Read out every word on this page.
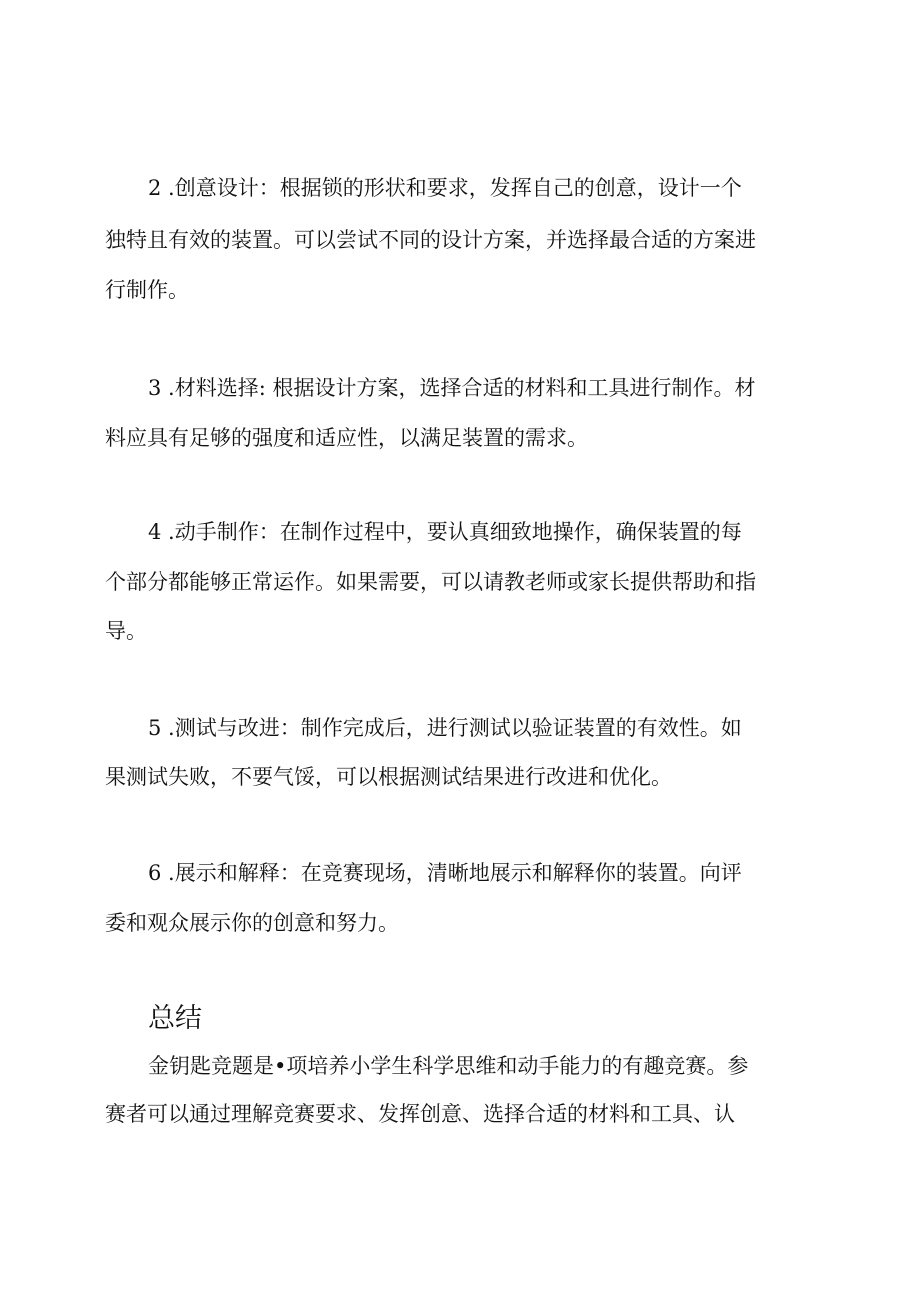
2 .创意设计：根据锁的形状和要求，发挥自己的创意，设计一个
独特且有效的装置。可以尝试不同的设计方案，并选择最合适的方案进
行制作。
3 .材料选择: 根据设计方案，选择合适的材料和工具进行制作。材
料应具有足够的强度和适应性，以满足装置的需求。
4 .动手制作：在制作过程中，要认真细致地操作，确保装置的每
个部分都能够正常运作。如果需要，可以请教老师或家长提供帮助和指
导。
5 .测试与改进：制作完成后，进行测试以验证装置的有效性。如
果测试失败，不要气馁，可以根据测试结果进行改进和优化。
6 .展示和解释：在竞赛现场，清晰地展示和解释你的装置。向评
委和观众展示你的创意和努力。
总结
金钥匙竞题是•项培养小学生科学思维和动手能力的有趣竞赛。参
赛者可以通过理解竞赛要求、发挥创意、选择合适的材料和工具、认
